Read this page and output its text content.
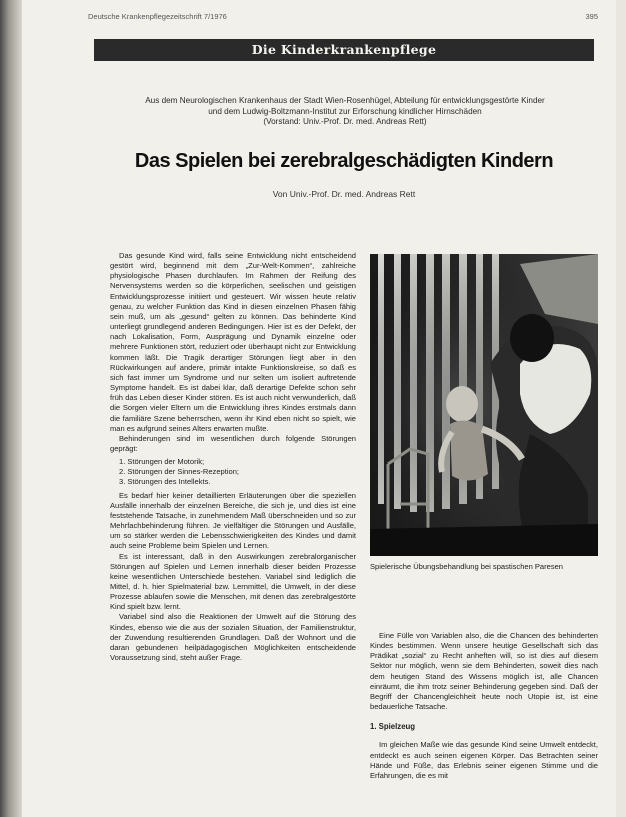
Deutsche Krankenpflegezeitschrift 7/1976	395
Die Kinderkrankenpflege
Aus dem Neurologischen Krankenhaus der Stadt Wien-Rosenhügel, Abteilung für entwicklungsgestörte Kinder
und dem Ludwig-Boltzmann-Institut zur Erforschung kindlicher Hirnschäden
(Vorstand: Univ.-Prof. Dr. med. Andreas Rett)
Das Spielen bei zerebralgeschädigten Kindern
Von Univ.-Prof. Dr. med. Andreas Rett

Das gesunde Kind wird, falls seine Entwicklung nicht entscheidend gestört wird, beginnend mit dem „Zur-Welt-Kommen“, zahlreiche physiologische Phasen durchlaufen. Im Rahmen der Reifung des Nervensystems werden so die körperlichen, seelischen und geistigen Entwicklungsprozesse initiiert und gesteuert. Wir wissen heute relativ genau, zu welcher Funktion das Kind in diesen einzelnen Phasen fähig sein muß, um als „gesund“ gelten zu können. Das behinderte Kind unterliegt grundlegend anderen Bedingungen. Hier ist es der Defekt, der nach Lokalisation, Form, Ausprägung und Dynamik einzelne oder mehrere Funktionen stört, reduziert oder überhaupt nicht zur Entwicklung kommen läßt. Die Tragik derartiger Störungen liegt aber in den Rückwirkungen auf andere, primär intakte Funktionskreise, so daß es sich fast immer um Syndrome und nur selten um isoliert auftretende Symptome handelt. Es ist dabei klar, daß derartige Defekte schon sehr früh das Leben dieser Kinder stören. Es ist auch nicht verwunderlich, daß die Sorgen vieler Eltern um die Entwicklung ihres Kindes erstmals dann die familiäre Szene beherrschen, wenn ihr Kind eben nicht so spielt, wie man es aufgrund seines Alters erwarten mußte.

Behinderungen sind im wesentlichen durch folgende Störungen geprägt:

1. Störungen der Motorik;
2. Störungen der Sinnes-Rezeption;
3. Störungen des Intellekts.

Es bedarf hier keiner detaillierten Erläuterungen über die speziellen Ausfälle innerhalb der einzelnen Bereiche, die sich je, und dies ist eine feststehende Tatsache, in zunehmendem Maß überschneiden und so zur Mehrfachbehinderung führen. Je vielfältiger die Störungen und Ausfälle, um so stärker werden die Lebensschwierigkeiten des Kindes und damit auch seine Probleme beim Spielen und Lernen.

Es ist interessant, daß in den Auswirkungen zerebralorganischer Störungen auf Spielen und Lernen innerhalb dieser beiden Prozesse keine wesentlichen Unterschiede bestehen. Variabel sind lediglich die Mittel, d. h. hier Spielmaterial bzw. Lernmittel, die Umwelt, in der diese Prozesse ablaufen sowie die Menschen, mit denen das zerebralgestörte Kind spielt bzw. lernt.

Variabel sind also die Reaktionen der Umwelt auf die Störung des Kindes, ebenso wie die aus der sozialen Situation, der Familienstruktur, der Zuwendung resultierenden Grundlagen. Daß der Wohnort und die daran gebundenen heilpädagogischen Möglichkeiten entscheidende Voraussetzung sind, steht außer Frage.

Spielerische Übungsbehandlung bei spastischen Paresen

Eine Fülle von Variablen also, die die Chancen des behinderten Kindes bestimmen. Wenn unsere heutige Gesellschaft sich das Prädikat „sozial“ zu Recht anheften will, so ist dies auf diesem Sektor nur möglich, wenn sie dem Behinderten, soweit dies nach dem heutigen Stand des Wissens möglich ist, alle Chancen einräumt, die ihm trotz seiner Behinderung gegeben sind. Daß der Begriff der Chancengleichheit heute noch Utopie ist, ist eine bedauerliche Tatsache.

1. Spielzeug

Im gleichen Maße wie das gesunde Kind seine Umwelt entdeckt, entdeckt es auch seinen eigenen Körper. Das Betrachten seiner Hände und Füße, das Erlebnis seiner eigenen Stimme und die Erfahrungen, die es mit
